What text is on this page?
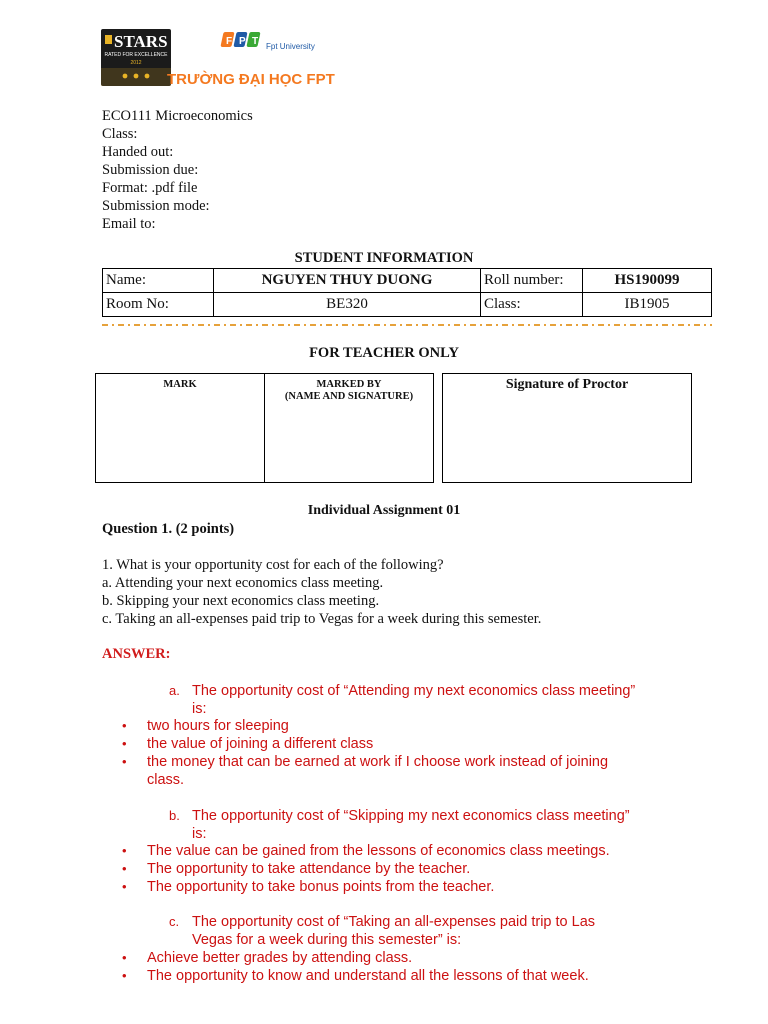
STARS
RATED FOR EXCELLENCE
2012
F P T Fpt University
TRƯỜNG ĐẠI HỌC FPT
ECO111 Microeconomics
Class:
Handed out:
Submission due:
Format: .pdf file
Submission mode:
Email to:
STUDENT INFORMATION
Name:	NGUYEN THUY DUONG	Roll number:	HS190099
Room No:	BE320	Class:	IB1905
FOR TEACHER ONLY
MARK	MARKED BY
(NAME AND SIGNATURE)
Signature of Proctor
Individual Assignment 01
Question 1. (2 points)
1. What is your opportunity cost for each of the following?
a. Attending your next economics class meeting.
b. Skipping your next economics class meeting.
c. Taking an all-expenses paid trip to Vegas for a week during this semester.
ANSWER:
a. The opportunity cost of “Attending my next economics class meeting”
is:
• two hours for sleeping
• the value of joining a different class
• the money that can be earned at work if I choose work instead of joining
class.
b. The opportunity cost of “Skipping my next economics class meeting”
is:
• The value can be gained from the lessons of economics class meetings.
• The opportunity to take attendance by the teacher.
• The opportunity to take bonus points from the teacher.
c. The opportunity cost of “Taking an all-expenses paid trip to Las
Vegas for a week during this semester” is:
• Achieve better grades by attending class.
• The opportunity to know and understand all the lessons of that week.
